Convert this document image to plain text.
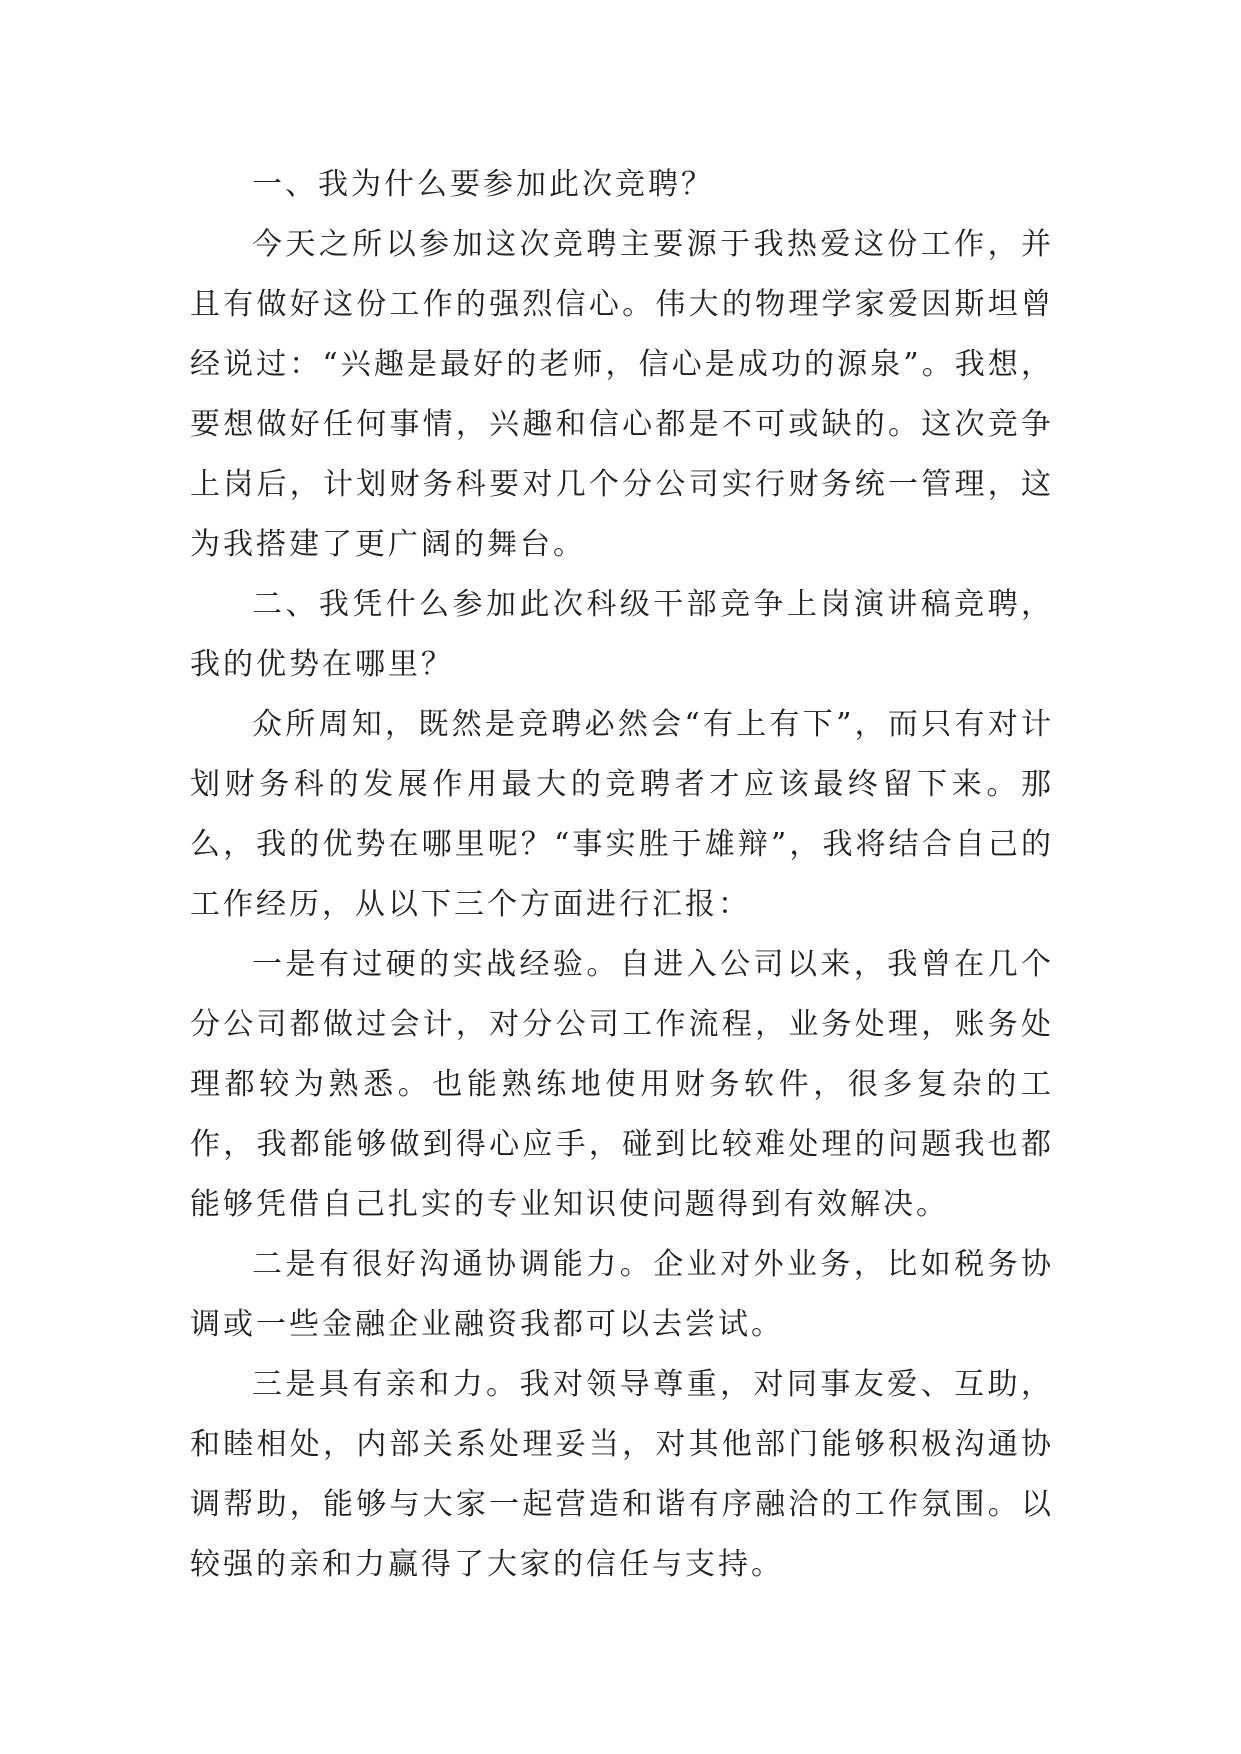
一、我为什么要参加此次竞聘？

今天之所以参加这次竞聘主要源于我热爱这份工作，并且有做好这份工作的强烈信心。伟大的物理学家爱因斯坦曾经说过：“兴趣是最好的老师，信心是成功的源泉”。我想，要想做好任何事情，兴趣和信心都是不可或缺的。这次竞争上岗后，计划财务科要对几个分公司实行财务统一管理，这为我搭建了更广阔的舞台。

二、我凭什么参加此次科级干部竞争上岗演讲稿竞聘，我的优势在哪里？

众所周知，既然是竞聘必然会“有上有下”，而只有对计划财务科的发展作用最大的竞聘者才应该最终留下来。那么，我的优势在哪里呢？“事实胜于雄辩”，我将结合自己的工作经历，从以下三个方面进行汇报：

一是有过硬的实战经验。自进入公司以来，我曾在几个分公司都做过会计，对分公司工作流程，业务处理，账务处理都较为熟悉。也能熟练地使用财务软件，很多复杂的工作，我都能够做到得心应手，碰到比较难处理的问题我也都能够凭借自己扎实的专业知识使问题得到有效解决。

二是有很好沟通协调能力。企业对外业务，比如税务协调或一些金融企业融资我都可以去尝试。

三是具有亲和力。我对领导尊重，对同事友爱、互助，和睦相处，内部关系处理妥当，对其他部门能够积极沟通协调帮助，能够与大家一起营造和谐有序融洽的工作氛围。以较强的亲和力赢得了大家的信任与支持。
